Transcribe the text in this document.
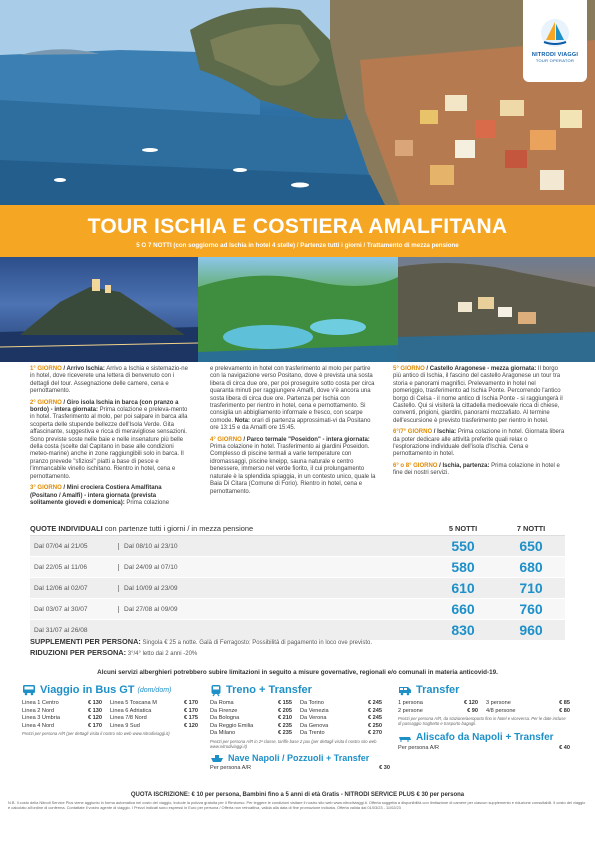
NITRODI VIAGGI
TOUR OPERATOR
TOUR ISCHIA E COSTIERA AMALFITANA
5 O 7 NOTTI (con soggiorno ad Ischia in hotel 4 stelle) / Partenze tutti i giorni / Trattamento di mezza pensione

1° GIORNO / Arrivo Ischia: Arrivo a Ischia e sistemazio-ne in hotel, dove riceverete una lettera di benvenuto con i dettagli del tour. Assegnazione delle camere, cena e pernottamento.

2° GIORNO / Giro isola Ischia in barca (con pranzo a bordo) - intera giornata: Prima colazione e preleva-mento in hotel. Trasferimento al molo, per poi salpare in barca alla scoperta delle stupende bellezze dell'Isola Verde. Gita affascinante, suggestiva e ricca di meravigliose sensazioni. Sono previste soste nelle baie e nelle insenature più belle della costa (scelte dal Capitano in base alle condizioni meteo-marine) anche in zone raggiungibili solo in barca. Il pranzo prevede "sfiziosi" piatti a base di pesce e l'immancabile vinello ischitano. Rientro in hotel, cena e pernottamento.

3° GIORNO / Mini crociera Costiera Amalfitana (Positano / Amalfi) - intera giornata (prevista solitamente giovedì e domenica): Prima colazione

e prelevamento in hotel con trasferimento al molo per partire con la navigazione verso Positano, dove è prevista una sosta libera di circa due ore, per poi proseguire sotto costa per circa quaranta minuti per raggiungere Amalfi, dove v'è ancora una sosta libera di circa due ore. Partenza per Ischia con trasferimento per rientro in hotel, cena e pernottamento. Si consiglia un abbigliamento informale e fresco, con scarpe comode. Nota: orari di partenza approssimati-vi da Positano ore 13:15 e da Amalfi ore 15:45.

4° GIORNO / Parco termale "Poseidon" - intera giornata: Prima colazione in hotel. Trasferimento ai giardini Poseidon. Complesso di piscine termali a varie temperature con idromassaggi, piscine kneipp, sauna naturale e centro benessere, immerso nel verde fiorito, il cui prolungamento naturale è la splendida spiaggia, in un contesto unico, quale la Baia Di Citara (Comune di Forio). Rientro in hotel, cena e pernottamento.

5° GIORNO / Castello Aragonese - mezza giornata: Il borgo più antico di Ischia, il fascino del castello Aragonese un tour tra storia e panorami magnifici. Prelevamento in hotel nel pomeriggio, trasferimento ad Ischia Ponte. Percorrendo l'antico borgo di Celsa - il nome antico di Ischia Ponte - si raggiungerà il Castello. Qui si visiterà la cittadella medioevale ricca di chiese, conventi, prigioni, giardini, panorami mozzafiato. Al termine dell'escursione è previsto trasferimento per rientro in hotel.

6°/7° GIORNO / Ischia: Prima colazione in hotel. Giornata libera da poter dedicare alle attività preferite quali relax o l'esplorazione individuale dell'isola d'Ischia. Cena e pernottamento in hotel.

6° o 8° GIORNO / Ischia, partenza: Prima colazione in hotel e fine dei nostri servizi.

QUOTE INDIVIDUALI con partenze tutti i giorni / in mezza pensione	5 NOTTI	7 NOTTI
Dal 07/04 al 21/05	Dal 08/10 al 23/10	550	650
Dal 22/05 al 11/06	Dal 24/09 al 07/10	580	680
Dal 12/06 al 02/07	Dal 10/09 al 23/09	610	710
Dal 03/07 al 30/07	Dal 27/08 al 09/09	660	760
Dal 31/07 al 26/08	830	960
SUPPLEMENTI PER PERSONA: Singola € 25 a notte. Galà di Ferragosto: Possibilità di pagamento in loco ove previsto.
RIDUZIONI PER PERSONA: 3°/4° letto dai 2 anni -20%
Alcuni servizi alberghieri potrebbero subire limitazioni in seguito a misure governative, regionali e/o comunali in materia anticovid-19.
Viaggio in Bus GT (dom/dom)
Linea 1 Centro	€ 130
Linea 2 Nord	€ 130
Linea 3 Umbria	€ 120
Linea 4 Nord	€ 170
Linea 5 Toscana M	€ 170
Linea 6 Adriatica	€ 170
Linea 7/8 Nord	€ 175
Linea 9 Sud	€ 120
Prezzi per persona A/R (per dettagli visita il nostro sito web www.nitrodiviaggi.it)
Treno + Transfer
Da Roma	€ 155
Da Firenze	€ 205
Da Bologna	€ 210
Da Reggio Emilia	€ 235
Da Milano	€ 235
Da Torino	€ 245
Da Venezia	€ 245
Da Verona	€ 245
Da Genova	€ 250
Da Trento	€ 270
Prezzi per persona A/R in 2ª classe, tariffe base 2 pax (per dettagli visita il nostro sito web www.nitrodiviaggi.it)
Nave Napoli / Pozzuoli + Transfer
Per persona A/R	€ 30
Transfer
1 persona	€ 120
2 persone	€ 90
3 persone	€ 85
4/8 persone	€ 80
Prezzi per persona A/R, da stazione/aeroporto fino in hotel e viceversa. Per le date incluse di passaggio traghetto e trasporto bagagli.
Aliscafo da Napoli + Transfer
Per persona A/R	€ 40
QUOTA ISCRIZIONE: € 10 per persona, Bambini fino a 5 anni di età Gratis - NITRODI SERVICE PLUS € 30 per persona
N.B. Il costo della Nitrodi Service Plus viene aggiunto in forma automatica nel costo del viaggio, include la polizza gratuita per il Rimborso. Per leggere le condizioni visitare il nostro sito web www.nitrodiviaggi.it. Offerta soggetta a disponibilità con limitazione di camere per ciascun supplemento e riduzione consultabili. Il costo del viaggio è calcolato all'ordine di conferma. Contattate il vostro agente di viaggio. I Prezzi indicati sono espressi in Euro per persona / Offerta non retroattiva, valida alla data di fine promozione indicata. Offerta valida dal 01/03/23 - 11/02/23
